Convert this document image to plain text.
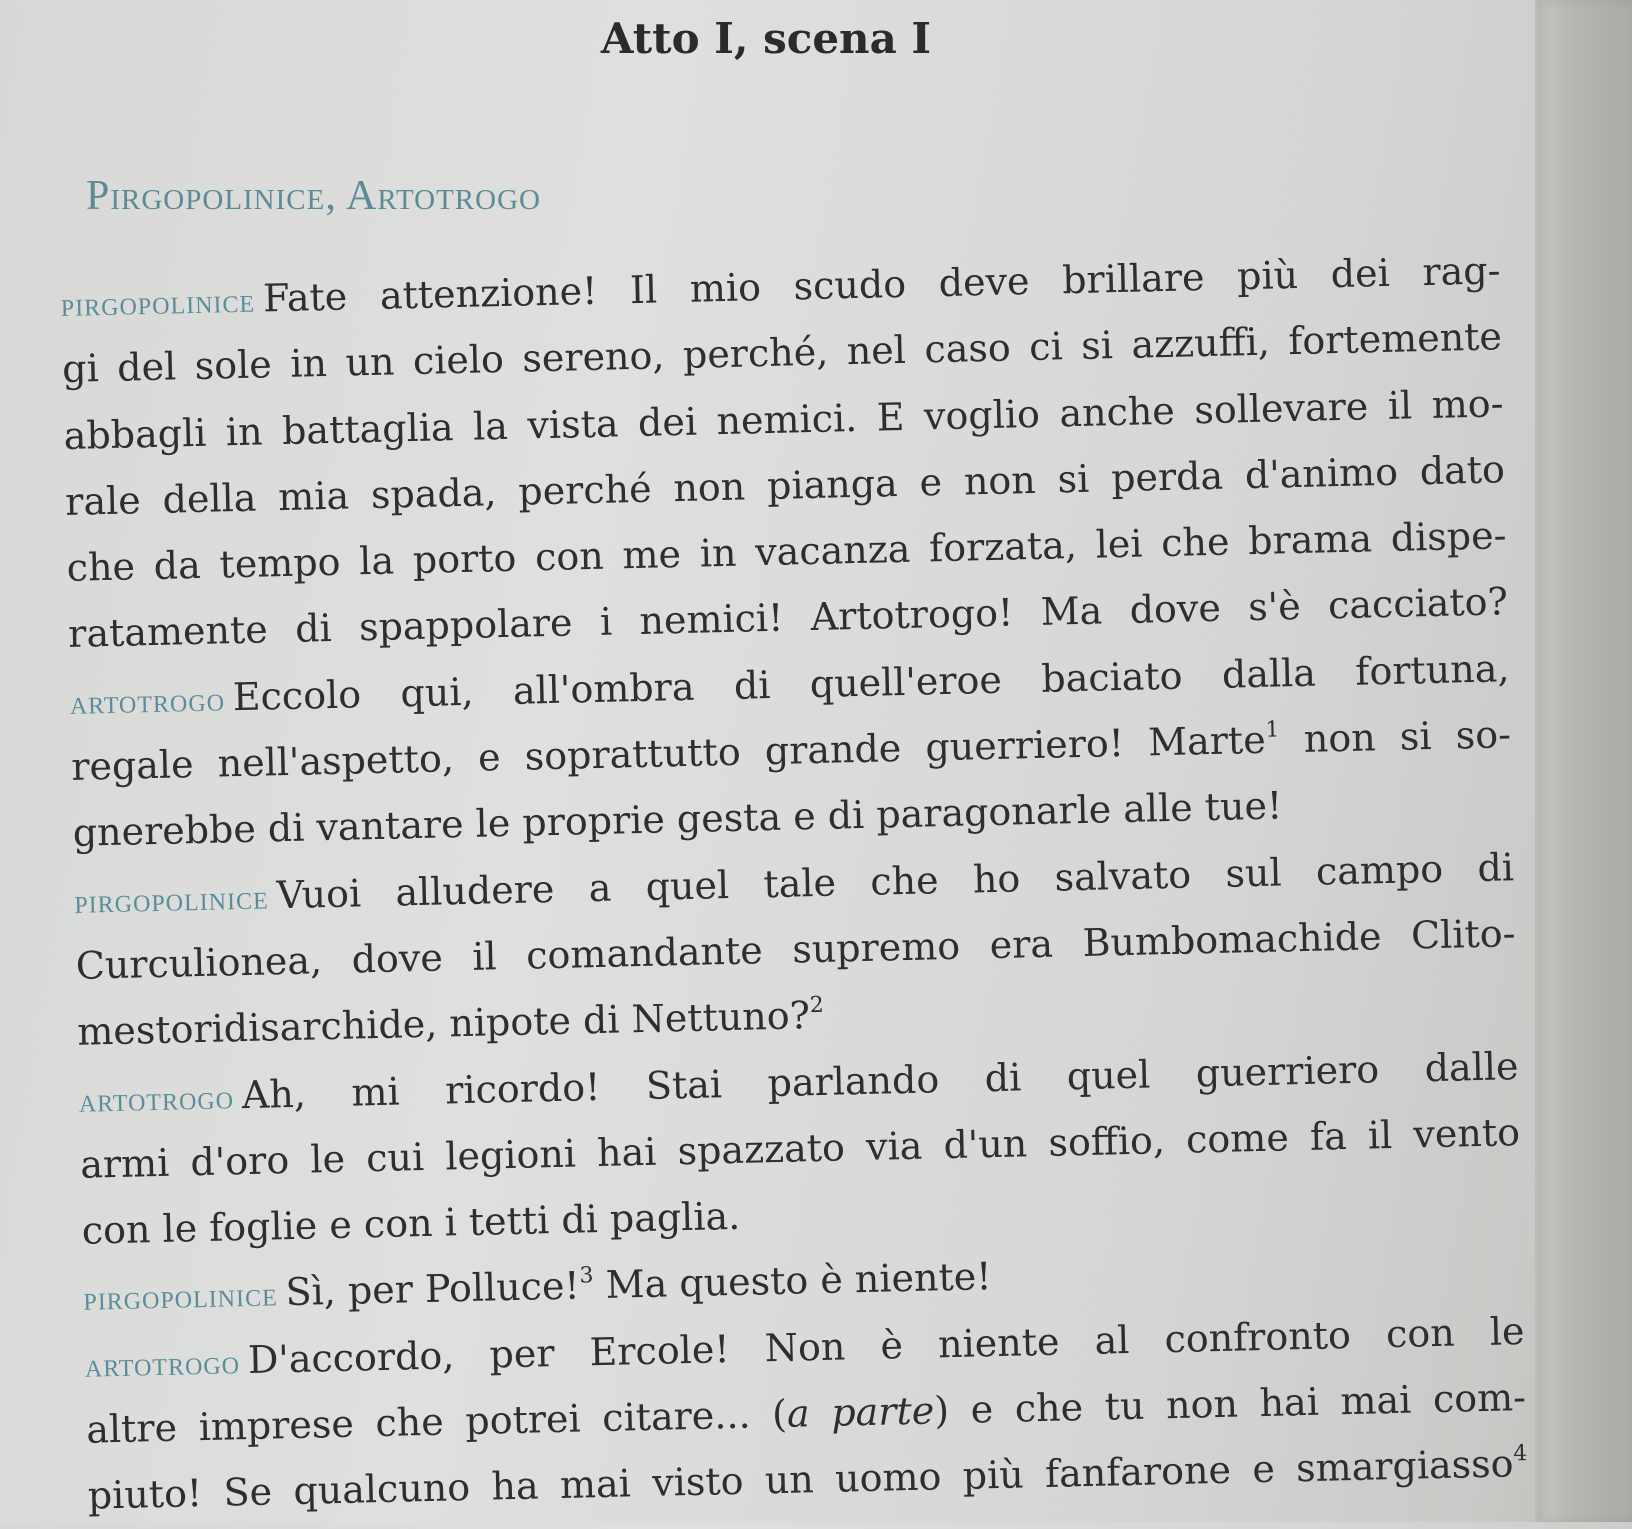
Atto I, scena I
Pirgopolinice, Artotrogo
pirgopolinice Fate attenzione! Il mio scudo deve brillare più dei rag-
gi del sole in un cielo sereno, perché, nel caso ci si azzuffi, fortemente
abbagli in battaglia la vista dei nemici. E voglio anche sollevare il mo-
rale della mia spada, perché non pianga e non si perda d'animo dato
che da tempo la porto con me in vacanza forzata, lei che brama dispe-
ratamente di spappolare i nemici! Artotrogo! Ma dove s'è cacciato?
artotrogo Eccolo qui, all'ombra di quell'eroe baciato dalla fortuna,
regale nell'aspetto, e soprattutto grande guerriero! Marte$^1$ non si so-
gnerebbe di vantare le proprie gesta e di paragonarle alle tue!
pirgopolinice Vuoi alludere a quel tale che ho salvato sul campo di
Curculionea, dove il comandante supremo era Bumbomachide Clito-
mestoridisarchide, nipote di Nettuno?$^2$
artotrogo Ah, mi ricordo! Stai parlando di quel guerriero dalle
armi d'oro le cui legioni hai spazzato via d'un soffio, come fa il vento
con le foglie e con i tetti di paglia.
pirgopolinice Sì, per Polluce!$^3$ Ma questo è niente!
artotrogo D'accordo, per Ercole! Non è niente al confronto con le
altre imprese che potrei citare... (a parte) e che tu non hai mai com-
piuto! Se qualcuno ha mai visto un uomo più fanfarone e smargiasso$^4$
